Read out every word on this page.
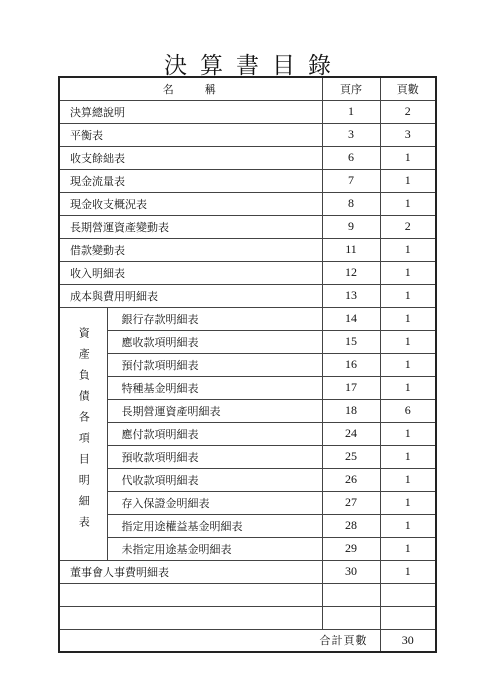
決算書目錄
名　　稱		頁序	頁數
決算總說明		1	2
平衡表		3	3
收支餘絀表		6	1
現金流量表		7	1
現金收支概況表		8	1
長期營運資產變動表		9	2
借款變動表		11	1
收入明細表		12	1
成本與費用明細表		13	1
資產負債各項目明細表	銀行存款明細表	14	1
	應收款項明細表	15	1
	預付款項明細表	16	1
	特種基金明細表	17	1
	長期營運資產明細表	18	6
	應付款項明細表	24	1
	預收款項明細表	25	1
	代收款項明細表	26	1
	存入保證金明細表	27	1
	指定用途權益基金明細表	28	1
	未指定用途基金明細表	29	1
董事會人事費明細表		30	1

合計頁數			30
